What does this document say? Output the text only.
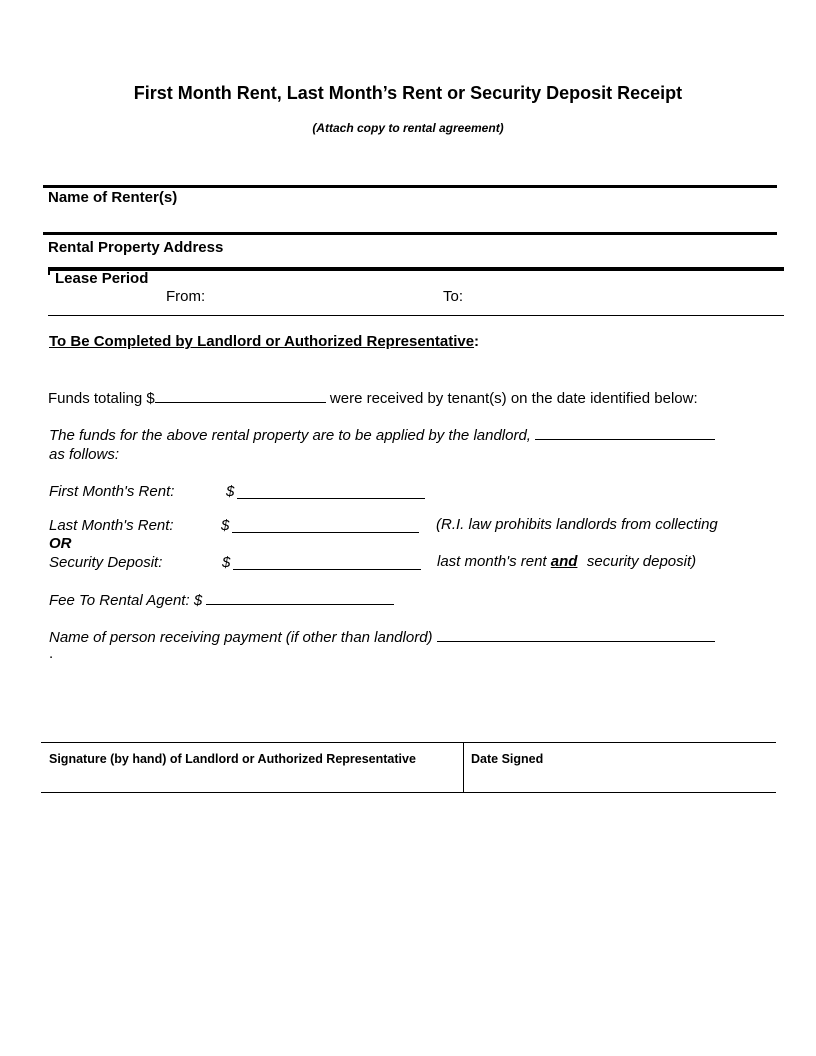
First Month Rent, Last Month’s Rent or Security Deposit Receipt
(Attach copy to rental agreement)
Name of Renter(s)
Rental Property Address
Lease Period
From:	To:
To Be Completed by Landlord or Authorized Representative:
Funds totaling $	were received by tenant(s) on the date identified below:
The funds for the above rental property are to be applied by the landlord,
as follows:
First Month's Rent:	$
Last Month's Rent:	$	(R.I. law prohibits landlords from collecting
OR
Security Deposit:	$	last month's rent and security deposit)
Fee To Rental Agent: $
Name of person receiving payment (if other than landlord)
.
Signature (by hand) of Landlord or Authorized Representative	Date Signed
